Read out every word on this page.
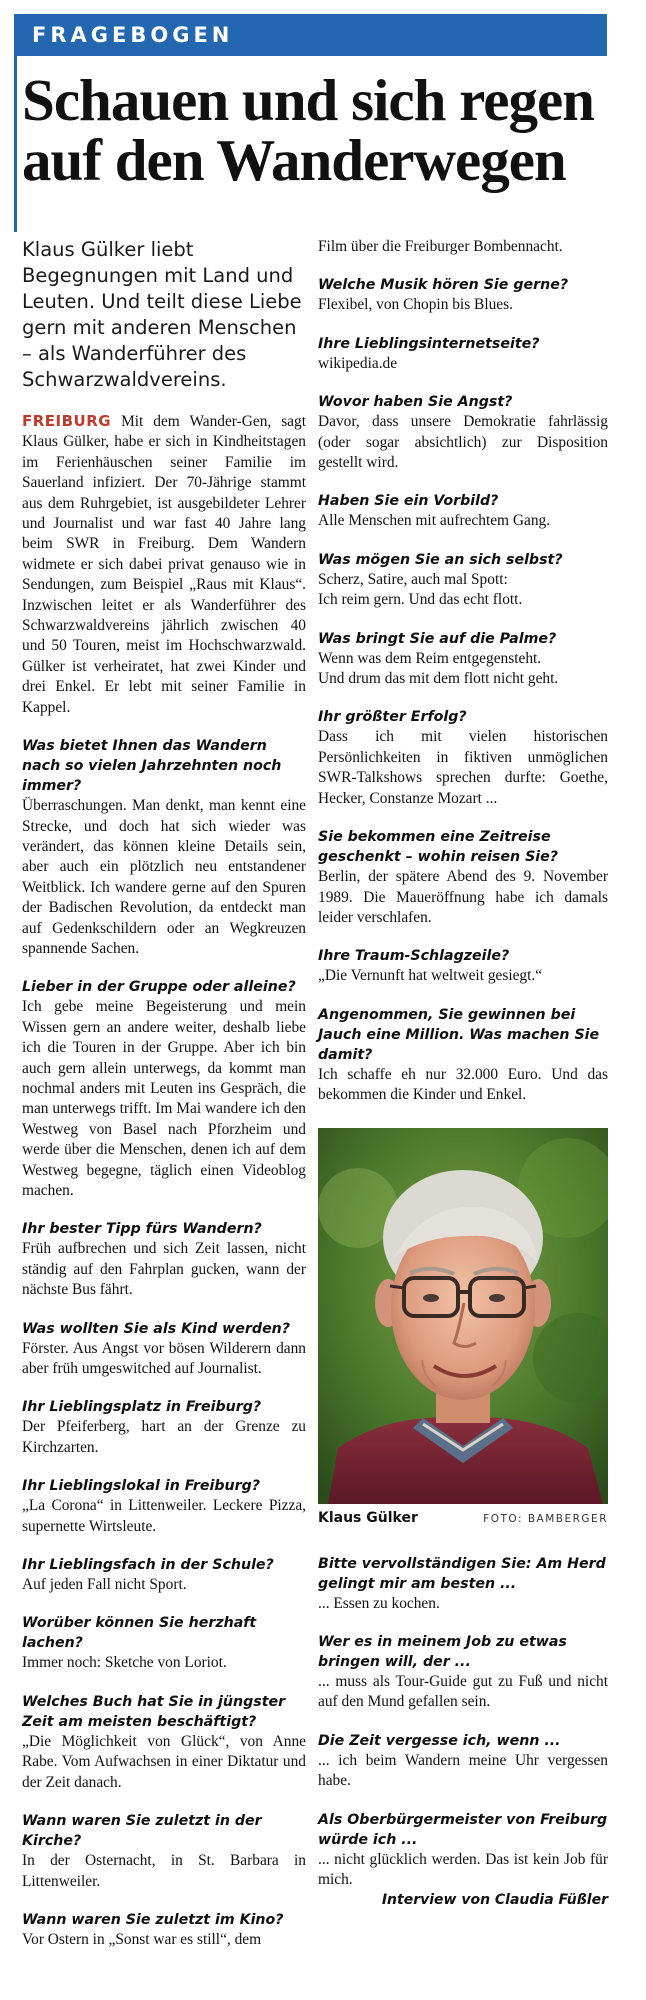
FRAGEBOGEN
Schauen und sich regen auf den Wanderwegen

Klaus Gülker liebt Begegnungen mit Land und Leuten. Und teilt diese Liebe gern mit anderen Menschen – als Wanderführer des Schwarzwaldvereins.

FREIBURG Mit dem Wander-Gen, sagt Klaus Gülker, habe er sich in Kindheitstagen im Ferienhäuschen seiner Familie im Sauerland infiziert. Der 70-Jährige stammt aus dem Ruhrgebiet, ist ausgebildeter Lehrer und Journalist und war fast 40 Jahre lang beim SWR in Freiburg. Dem Wandern widmete er sich dabei privat genauso wie in Sendungen, zum Beispiel „Raus mit Klaus“. Inzwischen leitet er als Wanderführer des Schwarzwaldvereins jährlich zwischen 40 und 50 Touren, meist im Hochschwarzwald. Gülker ist verheiratet, hat zwei Kinder und drei Enkel. Er lebt mit seiner Familie in Kappel.

Was bietet Ihnen das Wandern nach so vielen Jahrzehnten noch immer?

Überraschungen. Man denkt, man kennt eine Strecke, und doch hat sich wieder was verändert, das können kleine Details sein, aber auch ein plötzlich neu entstandener Weitblick. Ich wandere gerne auf den Spuren der Badischen Revolution, da entdeckt man auf Gedenkschildern oder an Wegkreuzen spannende Sachen.

Lieber in der Gruppe oder alleine?

Ich gebe meine Begeisterung und mein Wissen gern an andere weiter, deshalb liebe ich die Touren in der Gruppe. Aber ich bin auch gern allein unterwegs, da kommt man nochmal anders mit Leuten ins Gespräch, die man unterwegs trifft. Im Mai wandere ich den Westweg von Basel nach Pforzheim und werde über die Menschen, denen ich auf dem Westweg begegne, täglich einen Videoblog machen.

Ihr bester Tipp fürs Wandern?

Früh aufbrechen und sich Zeit lassen, nicht ständig auf den Fahrplan gucken, wann der nächste Bus fährt.

Was wollten Sie als Kind werden?

Förster. Aus Angst vor bösen Wilderern dann aber früh umgeswitched auf Journalist.

Ihr Lieblingsplatz in Freiburg?

Der Pfeiferberg, hart an der Grenze zu Kirchzarten.

Ihr Lieblingslokal in Freiburg?

„La Corona“ in Littenweiler. Leckere Pizza, supernette Wirtsleute.

Ihr Lieblingsfach in der Schule?

Auf jeden Fall nicht Sport.

Worüber können Sie herzhaft lachen?

Immer noch: Sketche von Loriot.

Welches Buch hat Sie in jüngster Zeit am meisten beschäftigt?

„Die Möglichkeit von Glück“, von Anne Rabe. Vom Aufwachsen in einer Diktatur und der Zeit danach.

Wann waren Sie zuletzt in der Kirche?

In der Osternacht, in St. Barbara in Littenweiler.

Wann waren Sie zuletzt im Kino?

Vor Ostern in „Sonst war es still“, dem

Film über die Freiburger Bombennacht.

Welche Musik hören Sie gerne?

Flexibel, von Chopin bis Blues.

Ihre Lieblingsinternetseite?

wikipedia.de

Wovor haben Sie Angst?

Davor, dass unsere Demokratie fahrlässig (oder sogar absichtlich) zur Disposition gestellt wird.

Haben Sie ein Vorbild?

Alle Menschen mit aufrechtem Gang.

Was mögen Sie an sich selbst?

Scherz, Satire, auch mal Spott:
Ich reim gern. Und das echt flott.

Was bringt Sie auf die Palme?

Wenn was dem Reim entgegensteht.
Und drum das mit dem flott nicht geht.

Ihr größter Erfolg?

Dass ich mit vielen historischen Persönlichkeiten in fiktiven unmöglichen SWR-Talkshows sprechen durfte: Goethe, Hecker, Constanze Mozart ...

Sie bekommen eine Zeitreise geschenkt – wohin reisen Sie?

Berlin, der spätere Abend des 9. November 1989. Die Maueröffnung habe ich damals leider verschlafen.

Ihre Traum-Schlagzeile?

„Die Vernunft hat weltweit gesiegt.“

Angenommen, Sie gewinnen bei Jauch eine Million. Was machen Sie damit?

Ich schaffe eh nur 32.000 Euro. Und das bekommen die Kinder und Enkel.

Klaus Gülker	FOTO: BAMBERGER

Bitte vervollständigen Sie: Am Herd gelingt mir am besten ...

... Essen zu kochen.

Wer es in meinem Job zu etwas bringen will, der ...

... muss als Tour-Guide gut zu Fuß und nicht auf den Mund gefallen sein.

Die Zeit vergesse ich, wenn ...

... ich beim Wandern meine Uhr vergessen habe.

Als Oberbürgermeister von Freiburg würde ich ...

... nicht glücklich werden. Das ist kein Job für mich.

Interview von Claudia Füßler
